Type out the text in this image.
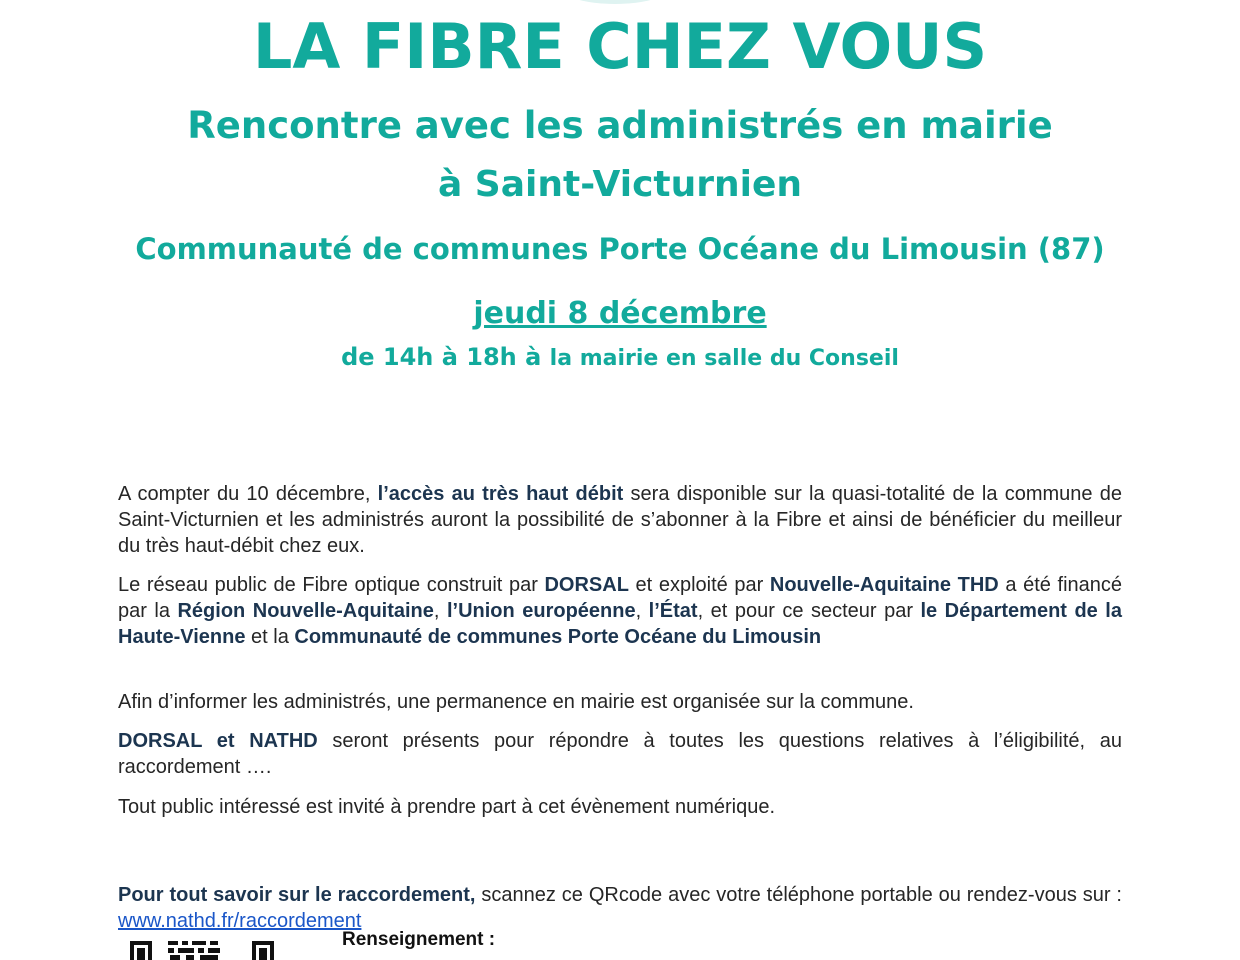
LA FIBRE CHEZ VOUS
Rencontre avec les administrés en mairie
à Saint-Victurnien
Communauté de communes Porte Océane du Limousin (87)
jeudi 8 décembre
de 14h à 18h à la mairie en salle du Conseil
A compter du 10 décembre, l’accès au très haut débit sera disponible sur la quasi-totalité de la commune de Saint-Victurnien et les administrés auront la possibilité de s’abonner à la Fibre et ainsi de bénéficier du meilleur du très haut-débit chez eux.
Le réseau public de Fibre optique construit par DORSAL et exploité par Nouvelle-Aquitaine THD a été financé par la Région Nouvelle-Aquitaine, l’Union européenne, l’État, et pour ce secteur par le Département de la Haute-Vienne et la Communauté de communes Porte Océane du Limousin
Afin d’informer les administrés, une permanence en mairie est organisée sur la commune.
DORSAL et NATHD seront présents pour répondre à toutes les questions relatives à l’éligibilité, au raccordement ….
Tout public intéressé est invité à prendre part à cet évènement numérique.
Pour tout savoir sur le raccordement, scannez ce QRcode avec votre téléphone portable ou rendez-vous sur : www.nathd.fr/raccordement
Renseignement :
